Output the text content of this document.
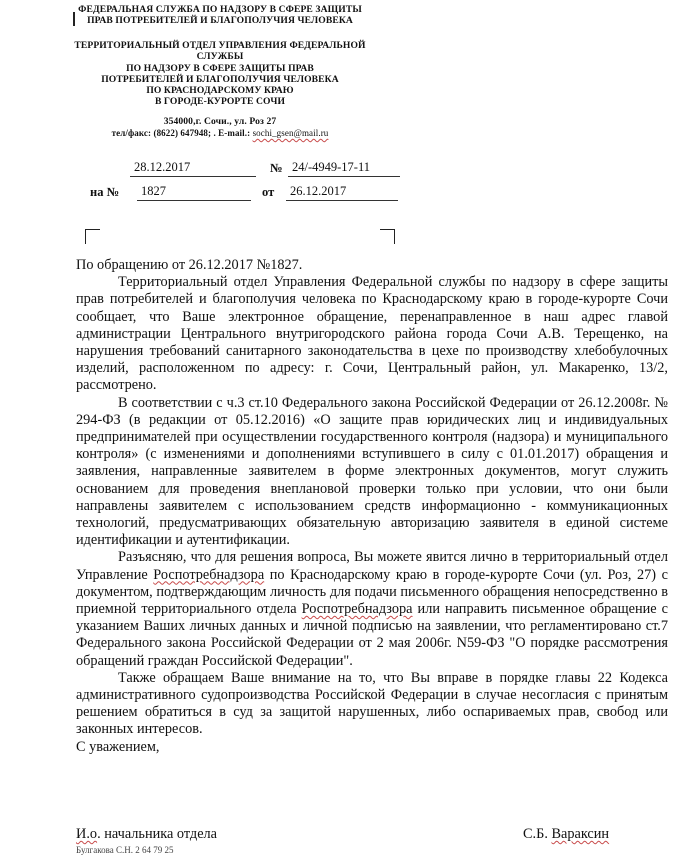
ФЕДЕРАЛЬНАЯ СЛУЖБА ПО НАДЗОРУ В СФЕРЕ ЗАЩИТЫ
ПРАВ ПОТРЕБИТЕЛЕЙ И БЛАГОПОЛУЧИЯ ЧЕЛОВЕКА
ТЕРРИТОРИАЛЬНЫЙ ОТДЕЛ УПРАВЛЕНИЯ ФЕДЕРАЛЬНОЙ
СЛУЖБЫ
ПО НАДЗОРУ В СФЕРЕ ЗАЩИТЫ ПРАВ
ПОТРЕБИТЕЛЕЙ И БЛАГОПОЛУЧИЯ ЧЕЛОВЕКА
ПО КРАСНОДАРСКОМУ КРАЮ
В ГОРОДЕ-КУРОРТЕ СОЧИ
354000,г. Сочи., ул. Роз 27
тел/факс: (8622) 647948; . E-mail.: sochi_gsen@mail.ru
28.12.2017	№ 24/-4949-17-11
на №	1827	от	26.12.2017

По обращению от 26.12.2017 №1827.

Территориальный отдел Управления Федеральной службы по надзору в сфере защиты прав потребителей и благополучия человека по Краснодарскому краю в городе-курорте Сочи сообщает, что Ваше электронное обращение, перенаправленное в наш адрес главой администрации Центрального внутригородского района города Сочи А.В. Терещенко, на нарушения требований санитарного законодательства в цехе по производству хлебобулочных изделий, расположенном по адресу: г. Сочи, Центральный район, ул. Макаренко, 13/2, рассмотрено.

В соответствии с ч.3 ст.10 Федерального закона Российской Федерации от 26.12.2008г. № 294-ФЗ (в редакции от 05.12.2016) «О защите прав юридических лиц и индивидуальных предпринимателей при осуществлении государственного контроля (надзора) и муниципального контроля» (с изменениями и дополнениями вступившего в силу с 01.01.2017) обращения и заявления, направленные заявителем в форме электронных документов, могут служить основанием для проведения внеплановой проверки только при условии, что они были направлены заявителем с использованием средств информационно - коммуникационных технологий, предусматривающих обязательную авторизацию заявителя в единой системе идентификации и аутентификации.

Разъясняю, что для решения вопроса, Вы можете явится лично в территориальный отдел Управление Роспотребнадзора по Краснодарскому краю в городе-курорте Сочи (ул. Роз, 27) с документом, подтверждающим личность для подачи письменного обращения непосредственно в приемной территориального отдела Роспотребнадзора или направить письменное обращение с указанием Ваших личных данных и личной подписью на заявлении, что регламентировано ст.7 Федерального закона Российской Федерации от 2 мая 2006г. N59-ФЗ "О порядке рассмотрения обращений граждан Российской Федерации".

Также обращаем Ваше внимание на то, что Вы вправе в порядке главы 22 Кодекса административного судопроизводства Российской Федерации в случае несогласия с принятым решением обратиться в суд за защитой нарушенных, либо оспариваемых прав, свобод или законных интересов.

С уважением,

И.о. начальника отдела	С.Б. Вараксин
Булгакова С.Н. 2 64 79 25
